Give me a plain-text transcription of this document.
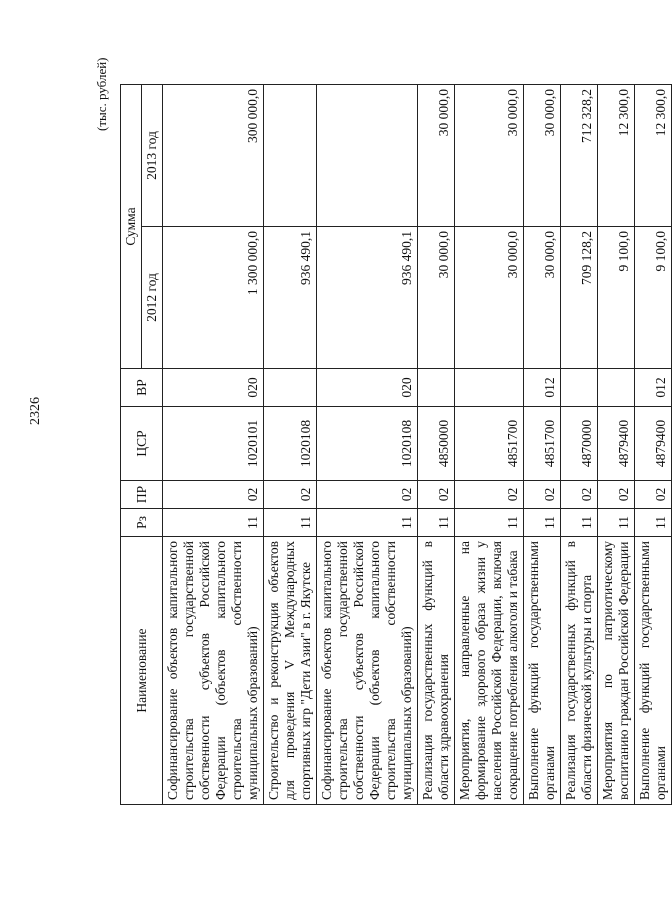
2326
(тыс. рублей)
Наименование	Рз	ПР	ЦСР	ВР	Сумма	
					2012 год	2013 год
Софинансирование объектов капитального строительства государственной собственности субъектов Российской Федерации (объектов капитального строительства собственности муниципальных образований)	11	02	1020101	020	1 300 000,0	300 000,0
Строительство и реконструкция объектов для проведения V Международных спортивных игр "Дети Азии" в г. Якутске	11	02	1020108		936 490,1	
Софинансирование объектов капитального строительства государственной собственности субъектов Российской Федерации (объектов капитального строительства собственности муниципальных образований)	11	02	1020108	020	936 490,1	
Реализация государственных функций в области здравоохранения	11	02	4850000		30 000,0	30 000,0
Мероприятия, направленные на формирование здорового образа жизни у населения Российской Федерации, включая сокращение потребления алкоголя и табака	11	02	4851700		30 000,0	30 000,0
Выполнение функций государственными органами	11	02	4851700	012	30 000,0	30 000,0
Реализация государственных функций в области физической культуры и спорта	11	02	4870000		709 128,2	712 328,2
Мероприятия по патриотическому воспитанию граждан Российской Федерации	11	02	4879400		9 100,0	12 300,0
Выполнение функций государственными органами	11	02	4879400	012	9 100,0	12 300,0
